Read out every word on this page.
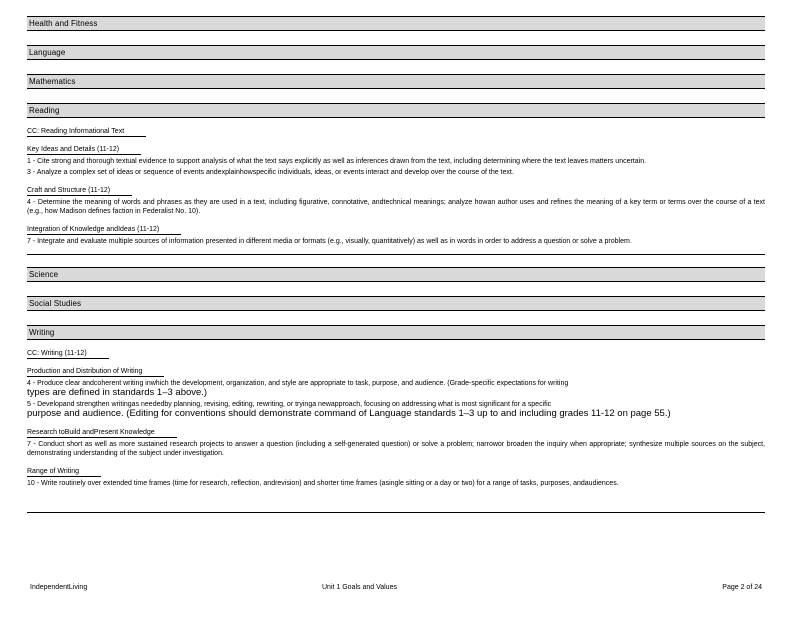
Health and Fitness
Language
Mathematics
Reading
CC: Reading Informational Text
Key Ideas and Details (11-12)
1 - Cite strong and thorough textual evidence to support analysis of what the text says explicitly as well as inferences drawn from the text, including determining where the text leaves matters uncertain.
3 - Analyze a complex set of ideas or sequence of events andexplainhowspecific individuals, ideas, or events interact and develop over the course of the text.
Craft and Structure (11-12)
4 - Determine the meaning of words and phrases as they are used in a text, including figurative, connotative, andtechnical meanings; analyze howan author uses and refines the meaning of a key term or terms over the course of a text (e.g., how Madison defines faction in Federalist No. 10).
Integration of Knowledge andIdeas (11-12)
7 - Integrate and evaluate multiple sources of information presented in different media or formats (e.g., visually, quantitatively) as well as in words in order to address a question or solve a problem.
Science
Social Studies
Writing
CC: Writing (11-12)
Production and Distribution of Writing
4 - Produce clear andcoherent writing inwhich the development, organization, and style are appropriate to task, purpose, and audience. (Grade-specific expectations for writing
types are defined in standards 1–3 above.)
5 - Developand strengthen writingas neededby planning, revising, editing, rewriting, or tryinga newapproach, focusing on addressing what is most significant for a specific
purpose and audience. (Editing for conventions should demonstrate command of Language standards 1–3 up to and including grades 11-12 on page 55.)
Research toBuild andPresent Knowledge
7 - Conduct short as well as more sustained research projects to answer a question (including a self-generated question) or solve a problem; narrowor broaden the inquiry when appropriate; synthesize multiple sources on the subject, demonstrating understanding of the subject under investigation.
Range of Writing
10 - Write routinely over extended time frames (time for research, reflection, andrevision) and shorter time frames (asingle sitting or a day or two) for a range of tasks, purposes, andaudiences.
IndependentLiving	Unit 1 Goals and Values	Page 2 of 24
